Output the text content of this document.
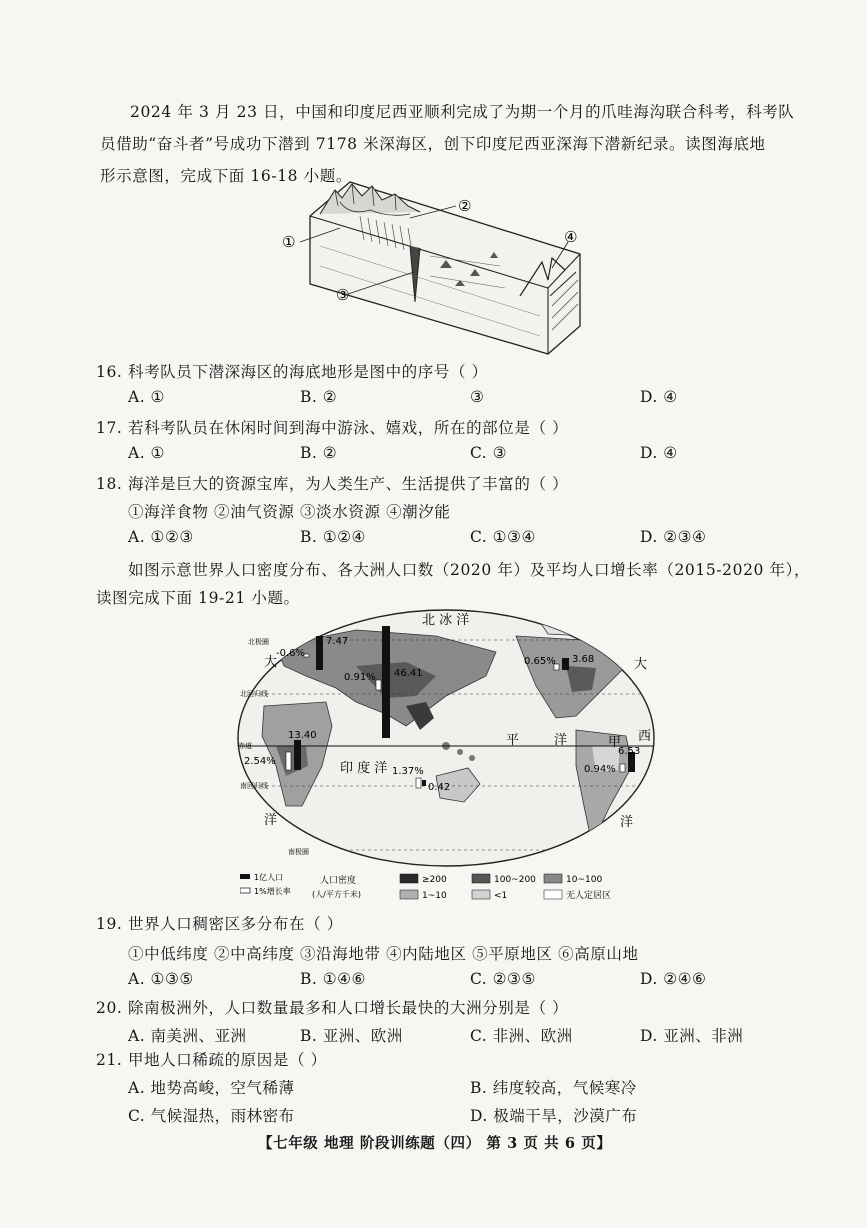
2024 年 3 月 23 日，中国和印度尼西亚顺利完成了为期一个月的爪哇海沟联合科考，科考队
员借助“奋斗者”号成功下潜到 7178 米深海区，创下印度尼西亚深海下潜新纪录。读图海底地
形示意图，完成下面 16-18 小题。
①
②
③
④
16. 科考队员下潜深海区的海底地形是图中的序号（ ）
A. ①	B. ②	③	D. ④
17. 若科考队员在休闲时间到海中游泳、嬉戏，所在的部位是（ ）
A. ①	B. ②	C. ③	D. ④
18. 海洋是巨大的资源宝库，为人类生产、生活提供了丰富的（ ）
①海洋食物 ②油气资源 ③淡水资源 ④潮汐能
A. ①②③	B. ①②④	C. ①③④	D. ②③④
如图示意世界人口密度分布、各大洲人口数（2020 年）及平均人口增长率（2015-2020 年），
读图完成下面 19-21 小题。
北极圈
北回归线
赤道
南回归线
南极圈
北 冰 洋
大	大
西
平	洋
洋	洋
印 度 洋
甲
-0.6%
7.47
0.91% 46.41
0.65% 3.68
13.40
2.54%
1.37%
0.42
6.53
0.94%
1亿人口
1%增长率
人口密度
(人/平方千米)
≥200	100~200	10~100
1~10	<1	无人定居区
19. 世界人口稠密区多分布在（ ）
①中低纬度 ②中高纬度 ③沿海地带 ④内陆地区 ⑤平原地区 ⑥高原山地
A. ①③⑤	B. ①④⑥	C. ②③⑤	D. ②④⑥
20. 除南极洲外，人口数量最多和人口增长最快的大洲分别是（ ）
A. 南美洲、亚洲	B. 亚洲、欧洲	C. 非洲、欧洲	D. 亚洲、非洲
21. 甲地人口稀疏的原因是（ ）
A. 地势高峻，空气稀薄	B. 纬度较高，气候寒冷
C. 气候湿热，雨林密布	D. 极端干旱，沙漠广布
【七年级 地理 阶段训练题（四） 第 3 页 共 6 页】
